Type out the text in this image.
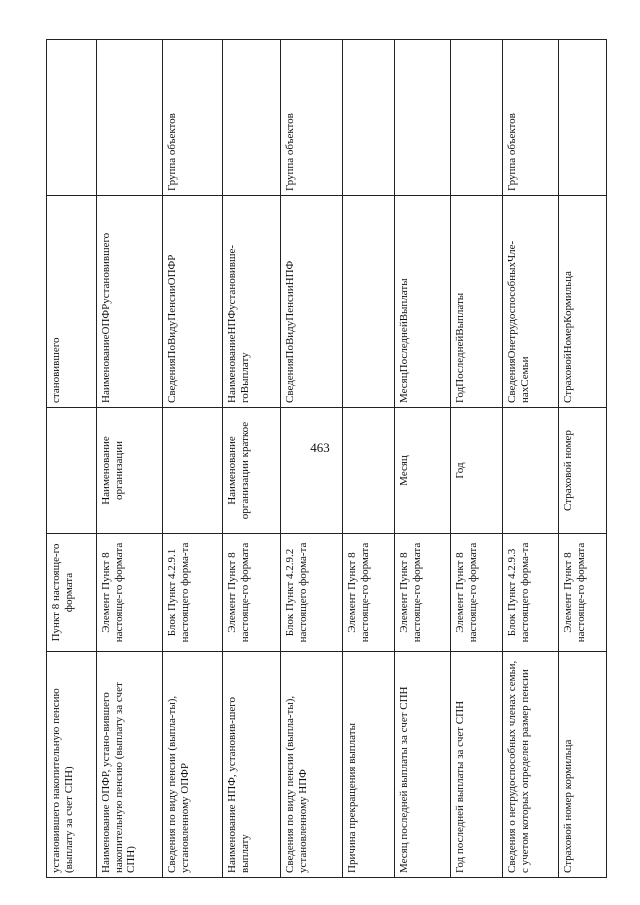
463
установившего накопительную пенсию (выплату за счет СПН)	Пункт 8 настояще-го формата		становившего	
Наименование ОПФР, устано-вившего накопительную пенсию (выплату за счет СПН)	Элемент Пункт 8 настояще-го формата	Наименование организации	НаименованиеОПФРустановившего	
Сведения по виду пенсии (выпла-ты), установленному ОПФР	Блок Пункт 4.2.9.1 настоящего форма-та		СведенияПоВидуПенсииОПФР	Группа объектов
Наименование НПФ, установив-шего выплату	Элемент Пункт 8 настояще-го формата	Наименование организации краткое	НаименованиеНПФустановивше-гоВыплату	
Сведения по виду пенсии (выпла-ты), установленному НПФ	Блок Пункт 4.2.9.2 настоящего форма-та		СведенияПоВидуПенсииНПФ	Группа объектов
Причина прекращения выплаты	Элемент Пункт 8 настояще-го формата			
Месяц последней выплаты за счет СПН	Элемент Пункт 8 настояще-го формата	Месяц	МесяцПоследнейВыплаты	
Год последней выплаты за счет СПН	Элемент Пункт 8 настояще-го формата	Год	ГодПоследнейВыплаты	
Сведения о нетрудоспособных членах семьи, с учетом которых определен размер пенсии	Блок Пункт 4.2.9.3 настоящего форма-та		СведенияОнетрудоспособныхЧле-нахСемьи	Группа объектов
Страховой номер кормильца	Элемент Пункт 8 настояще-го формата	Страховой номер	СтраховойНомерКормильца	
